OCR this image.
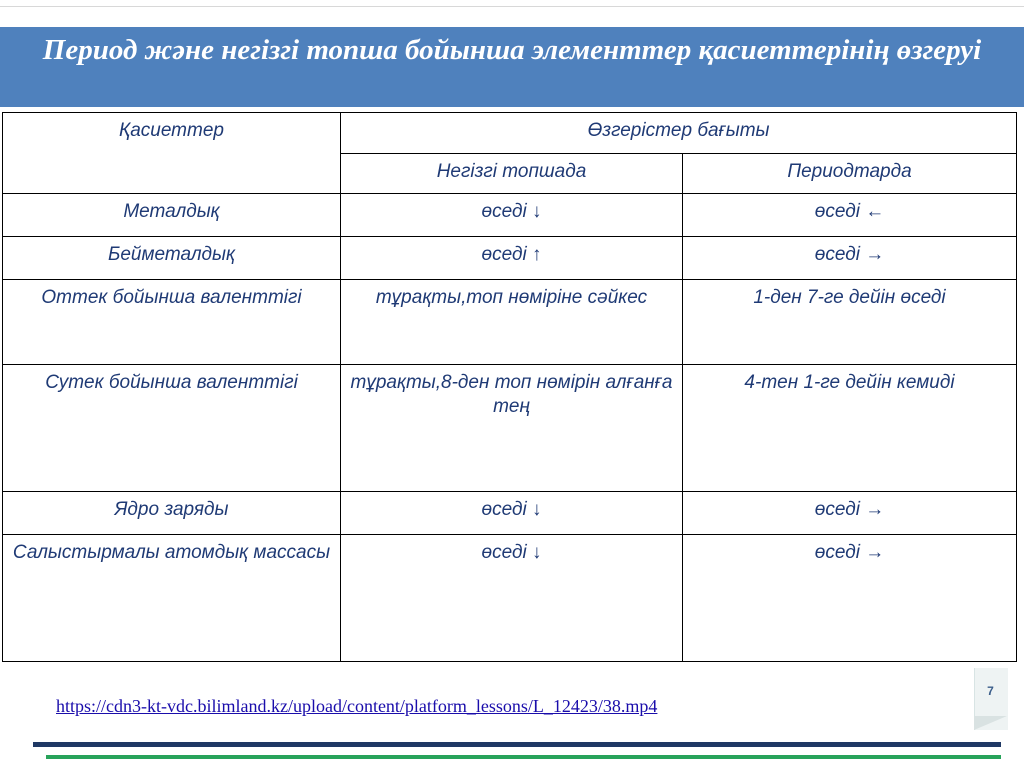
Период және негізгі топша бойынша элементтер қасиеттерінің өзгеруі
Қасиеттер	Өзгерістер бағыты	
	Негізгі топшада	Периодтарда
Металдық	өседі ↓	өседі ←
Бейметалдық	өседі ↑	өседі →
Оттек бойынша валенттігі	тұрақты,топ нөміріне сәйкес	1-ден 7-ге дейін өседі
Сутек бойынша валенттігі	тұрақты,8-ден топ нөмірін алғанға тең	4-тен 1-ге дейін кемиді
Ядро заряды	өседі ↓	өседі →
Салыстырмалы атомдық массасы	өседі ↓	өседі →
https://cdn3-kt-vdc.bilimland.kz/upload/content/platform_lessons/L_12423/38.mp4
7
